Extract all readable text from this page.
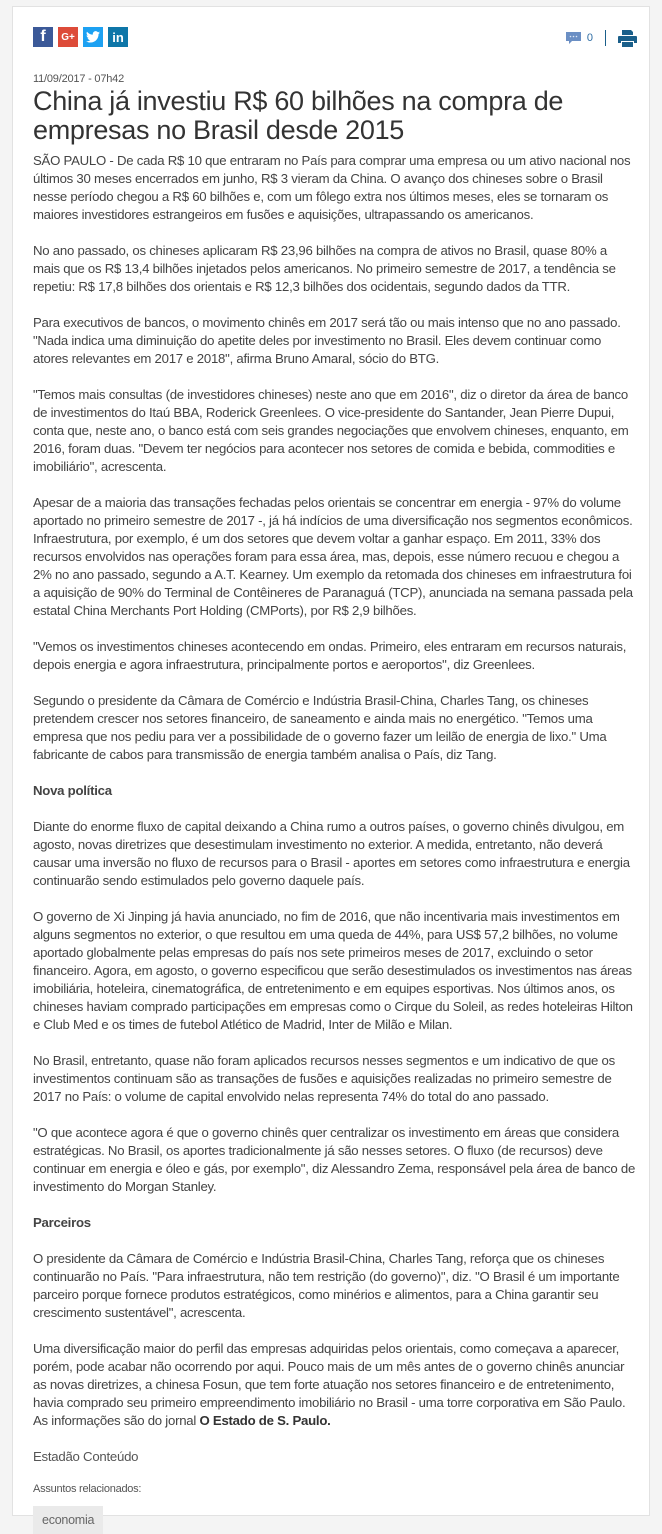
f G+	in	0
11/09/2017 - 07h42
China já investiu R$ 60 bilhões na compra de empresas no Brasil desde 2015

SÃO PAULO - De cada R$ 10 que entraram no País para comprar uma empresa ou um ativo nacional nos últimos 30 meses encerrados em junho, R$ 3 vieram da China. O avanço dos chineses sobre o Brasil nesse período chegou a R$ 60 bilhões e, com um fôlego extra nos últimos meses, eles se tornaram os maiores investidores estrangeiros em fusões e aquisições, ultrapassando os americanos.

No ano passado, os chineses aplicaram R$ 23,96 bilhões na compra de ativos no Brasil, quase 80% a mais que os R$ 13,4 bilhões injetados pelos americanos. No primeiro semestre de 2017, a tendência se repetiu: R$ 17,8 bilhões dos orientais e R$ 12,3 bilhões dos ocidentais, segundo dados da TTR.

Para executivos de bancos, o movimento chinês em 2017 será tão ou mais intenso que no ano passado. "Nada indica uma diminuição do apetite deles por investimento no Brasil. Eles devem continuar como atores relevantes em 2017 e 2018", afirma Bruno Amaral, sócio do BTG.

"Temos mais consultas (de investidores chineses) neste ano que em 2016", diz o diretor da área de banco de investimentos do Itaú BBA, Roderick Greenlees. O vice-presidente do Santander, Jean Pierre Dupui, conta que, neste ano, o banco está com seis grandes negociações que envolvem chineses, enquanto, em 2016, foram duas. "Devem ter negócios para acontecer nos setores de comida e bebida, commodities e imobiliário", acrescenta.

Apesar de a maioria das transações fechadas pelos orientais se concentrar em energia - 97% do volume aportado no primeiro semestre de 2017 -, já há indícios de uma diversificação nos segmentos econômicos. Infraestrutura, por exemplo, é um dos setores que devem voltar a ganhar espaço. Em 2011, 33% dos recursos envolvidos nas operações foram para essa área, mas, depois, esse número recuou e chegou a 2% no ano passado, segundo a A.T. Kearney. Um exemplo da retomada dos chineses em infraestrutura foi a aquisição de 90% do Terminal de Contêineres de Paranaguá (TCP), anunciada na semana passada pela estatal China Merchants Port Holding (CMPorts), por R$ 2,9 bilhões.

"Vemos os investimentos chineses acontecendo em ondas. Primeiro, eles entraram em recursos naturais, depois energia e agora infraestrutura, principalmente portos e aeroportos", diz Greenlees.

Segundo o presidente da Câmara de Comércio e Indústria Brasil-China, Charles Tang, os chineses pretendem crescer nos setores financeiro, de saneamento e ainda mais no energético. "Temos uma empresa que nos pediu para ver a possibilidade de o governo fazer um leilão de energia de lixo." Uma fabricante de cabos para transmissão de energia também analisa o País, diz Tang.

Nova política

Diante do enorme fluxo de capital deixando a China rumo a outros países, o governo chinês divulgou, em agosto, novas diretrizes que desestimulam investimento no exterior. A medida, entretanto, não deverá causar uma inversão no fluxo de recursos para o Brasil - aportes em setores como infraestrutura e energia continuarão sendo estimulados pelo governo daquele país.

O governo de Xi Jinping já havia anunciado, no fim de 2016, que não incentivaria mais investimentos em alguns segmentos no exterior, o que resultou em uma queda de 44%, para US$ 57,2 bilhões, no volume aportado globalmente pelas empresas do país nos sete primeiros meses de 2017, excluindo o setor financeiro. Agora, em agosto, o governo especificou que serão desestimulados os investimentos nas áreas imobiliária, hoteleira, cinematográfica, de entretenimento e em equipes esportivas. Nos últimos anos, os chineses haviam comprado participações em empresas como o Cirque du Soleil, as redes hoteleiras Hilton e Club Med e os times de futebol Atlético de Madrid, Inter de Milão e Milan.

No Brasil, entretanto, quase não foram aplicados recursos nesses segmentos e um indicativo de que os investimentos continuam são as transações de fusões e aquisições realizadas no primeiro semestre de 2017 no País: o volume de capital envolvido nelas representa 74% do total do ano passado.

"O que acontece agora é que o governo chinês quer centralizar os investimento em áreas que considera estratégicas. No Brasil, os aportes tradicionalmente já são nesses setores. O fluxo (de recursos) deve continuar em energia e óleo e gás, por exemplo", diz Alessandro Zema, responsável pela área de banco de investimento do Morgan Stanley.

Parceiros

O presidente da Câmara de Comércio e Indústria Brasil-China, Charles Tang, reforça que os chineses continuarão no País. "Para infraestrutura, não tem restrição (do governo)", diz. "O Brasil é um importante parceiro porque fornece produtos estratégicos, como minérios e alimentos, para a China garantir seu crescimento sustentável", acrescenta.

Uma diversificação maior do perfil das empresas adquiridas pelos orientais, como começava a aparecer, porém, pode acabar não ocorrendo por aqui. Pouco mais de um mês antes de o governo chinês anunciar as novas diretrizes, a chinesa Fosun, que tem forte atuação nos setores financeiro e de entretenimento, havia comprado seu primeiro empreendimento imobiliário no Brasil - uma torre corporativa em São Paulo. As informações são do jornal O Estado de S. Paulo.

Estadão Conteúdo

Assuntos relacionados:
economia
